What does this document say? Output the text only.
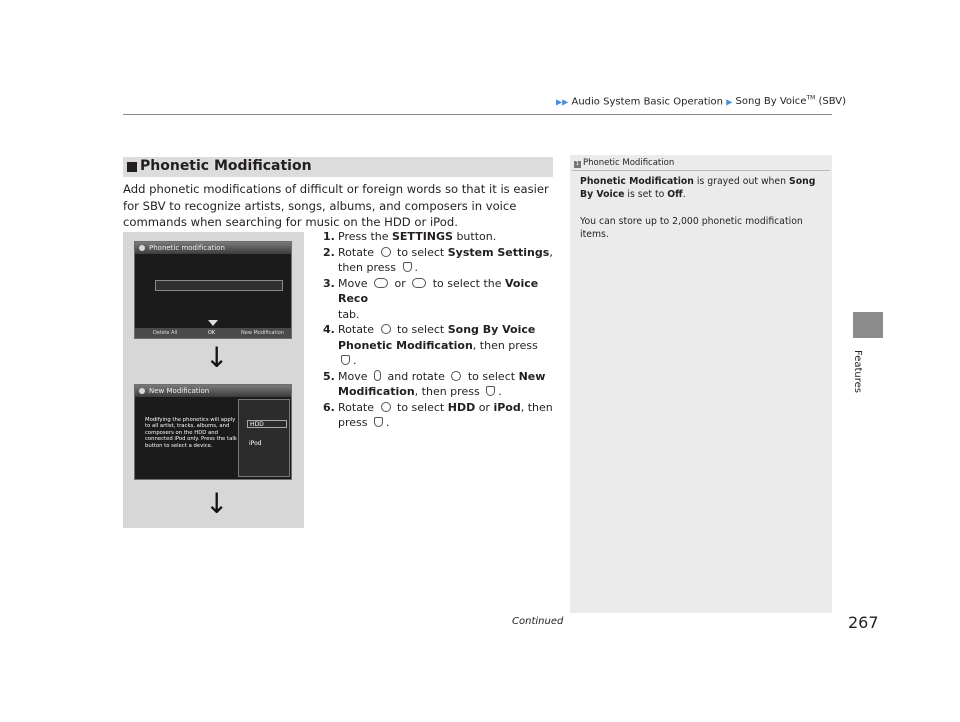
▶▶ Audio System Basic Operation ▶ Song By Voice™ (SBV)
Features
Phonetic Modification
Add phonetic modifications of difficult or foreign words so that it is easier for SBV to recognize artists, songs, albums, and composers in voice commands when searching for music on the HDD or iPod.
Phonetic modification
Delete All	OK	New Modification
↓
New Modification
Modifying the phonetics will apply to all artist, tracks, albums, and composers on the HDD and connected iPod only. Press the talk button to select a device.
HDD
iPod
↓
1. Press the SETTINGS button.
2. Rotate  to select System Settings,
then press .
3. Move  or  to select the Voice Reco
tab.
4. Rotate  to select Song By Voice Phonetic Modification, then press .
5. Move  and rotate  to select New Modification, then press .
6. Rotate  to select HDD or iPod, then
press .
1 Phonetic Modification
Phonetic Modification is grayed out when Song By Voice is set to Off.
You can store up to 2,000 phonetic modification items.
Continued	267
